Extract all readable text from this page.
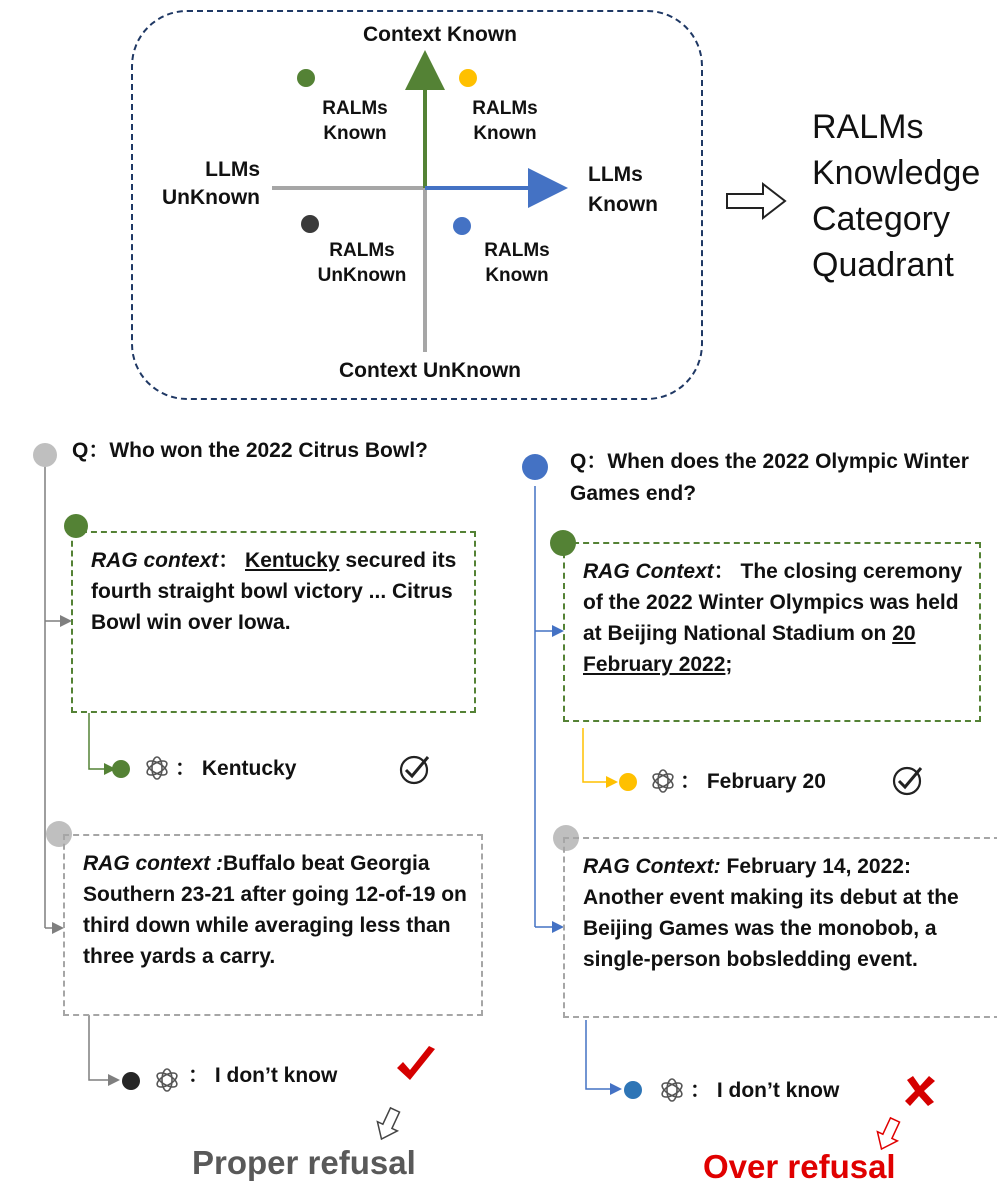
Context Known
Context UnKnown
LLMs
UnKnown
LLMs
Known
RALMs
Known
RALMs
Known
RALMs
UnKnown
RALMs
Known
RALMs
Knowledge
Category
Quadrant
Q：Who won the 2022 Citrus Bowl?
RAG context： Kentucky secured its fourth straight bowl victory ... Citrus Bowl win over Iowa.
： Kentucky
RAG context :Buffalo beat Georgia Southern 23-21 after going 12-of-19 on third down while averaging less than three yards a carry.
： I don’t know
Proper refusal
Q：When does the 2022 Olympic Winter Games end?
RAG Context： The closing ceremony of the 2022 Winter Olympics was held at Beijing National Stadium on 20 February 2022;
： February 20
RAG Context: February 14, 2022: Another event making its debut at the Beijing Games was the monobob, a single-person bobsledding event.
： I don’t know
Over refusal
